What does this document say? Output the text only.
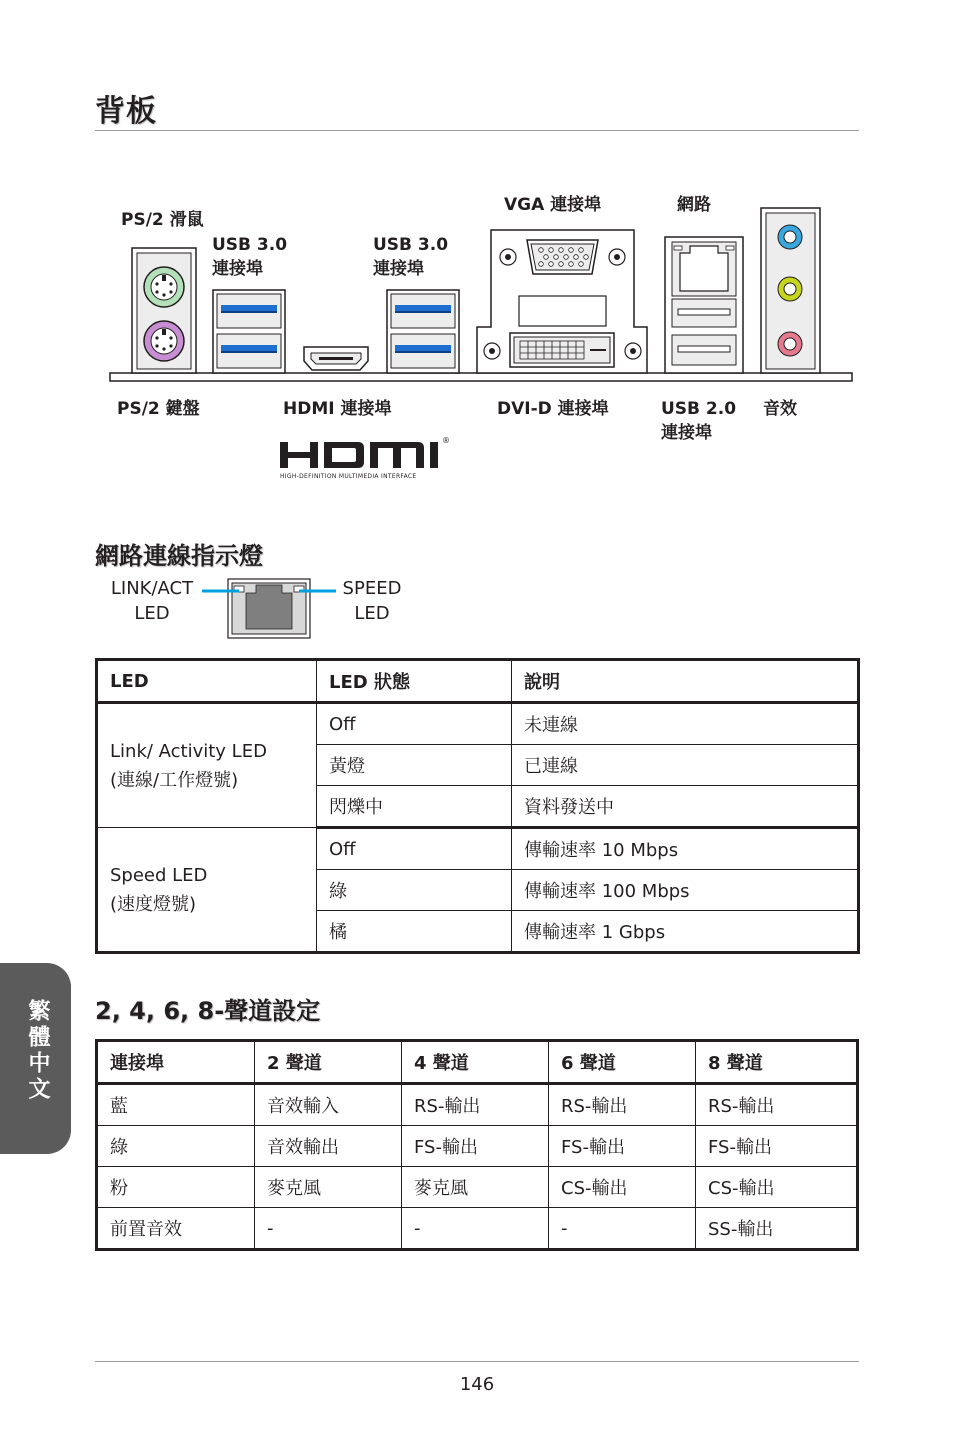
背板
PS/2 滑鼠
USB 3.0
連接埠
USB 3.0
連接埠
VGA 連接埠	網路
PS/2 鍵盤	HDMI 連接埠	DVI-D 連接埠	USB 2.0
連接埠
音效
®
HIGH-DEFINITION MULTIMEDIA INTERFACE
網路連線指示燈
LINK/ACT
LED
SPEED
LED
LED	LED 狀態	說明

Link/ Activity LED
(連線/工作燈號)	Off	未連線
	黃燈	已連線
	閃爍中	資料發送中

Speed LED
(速度燈號)	Off	傳輸速率 10 Mbps
	綠	傳輸速率 100 Mbps
	橘	傳輸速率 1 Gbps
繁體中文 2, 4, 6, 8-聲道設定
連接埠	2 聲道	4 聲道	6 聲道	8 聲道
藍	音效輸入	RS-輸出	RS-輸出	RS-輸出
綠	音效輸出	FS-輸出	FS-輸出	FS-輸出
粉	麥克風	麥克風	CS-輸出	CS-輸出
前置音效	-	-	-	SS-輸出
146
